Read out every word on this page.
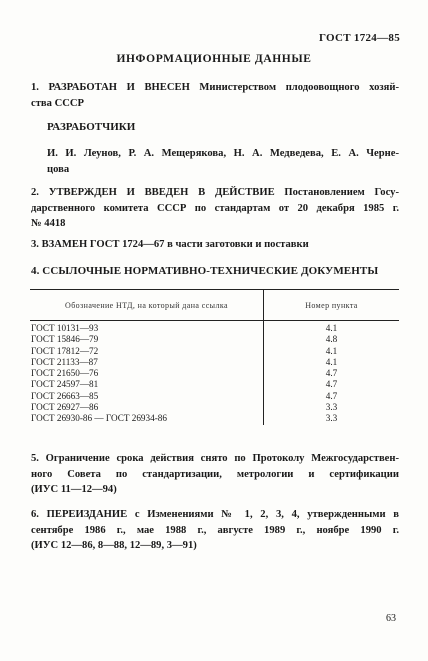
ГОСТ 1724—85
ИНФОРМАЦИОННЫЕ ДАННЫЕ
1. РАЗРАБОТАН И ВНЕСЕН Министерством плодоовощного хозяй-
ства СССР
РАЗРАБОТЧИКИ
И. И. Леунов, Р. А. Мещерякова, Н. А. Медведева, Е. А. Черне-
цова
2. УТВЕРЖДЕН И ВВЕДЕН В ДЕЙСТВИЕ Постановлением Госу-
дарственного комитета СССР по стандартам от 20 декабря 1985 г.
№ 4418
3. ВЗАМЕН ГОСТ 1724—67 в части заготовки и поставки
4. ССЫЛОЧНЫЕ НОРМАТИВНО-ТЕХНИЧЕСКИЕ ДОКУМЕНТЫ
Обозначение НТД, на который дана ссылка	Номер пункта
ГОСТ 10131—93	4.1
ГОСТ 15846—79	4.8
ГОСТ 17812—72	4.1
ГОСТ 21133—87	4.1
ГОСТ 21650—76	4.7
ГОСТ 24597—81	4.7
ГОСТ 26663—85	4.7
ГОСТ 26927—86	3.3
ГОСТ 26930-86 — ГОСТ 26934-86	3.3
5. Ограничение срока действия снято по Протоколу Межгосударствен-
ного Совета по стандартизации, метрологии и сертификации
(ИУС 11—12—94)
6. ПЕРЕИЗДАНИЕ с Изменениями № 1, 2, 3, 4, утвержденными в
сентябре 1986 г., мае 1988 г., августе 1989 г., ноябре 1990 г.
(ИУС 12—86, 8—88, 12—89, 3—91)
63
